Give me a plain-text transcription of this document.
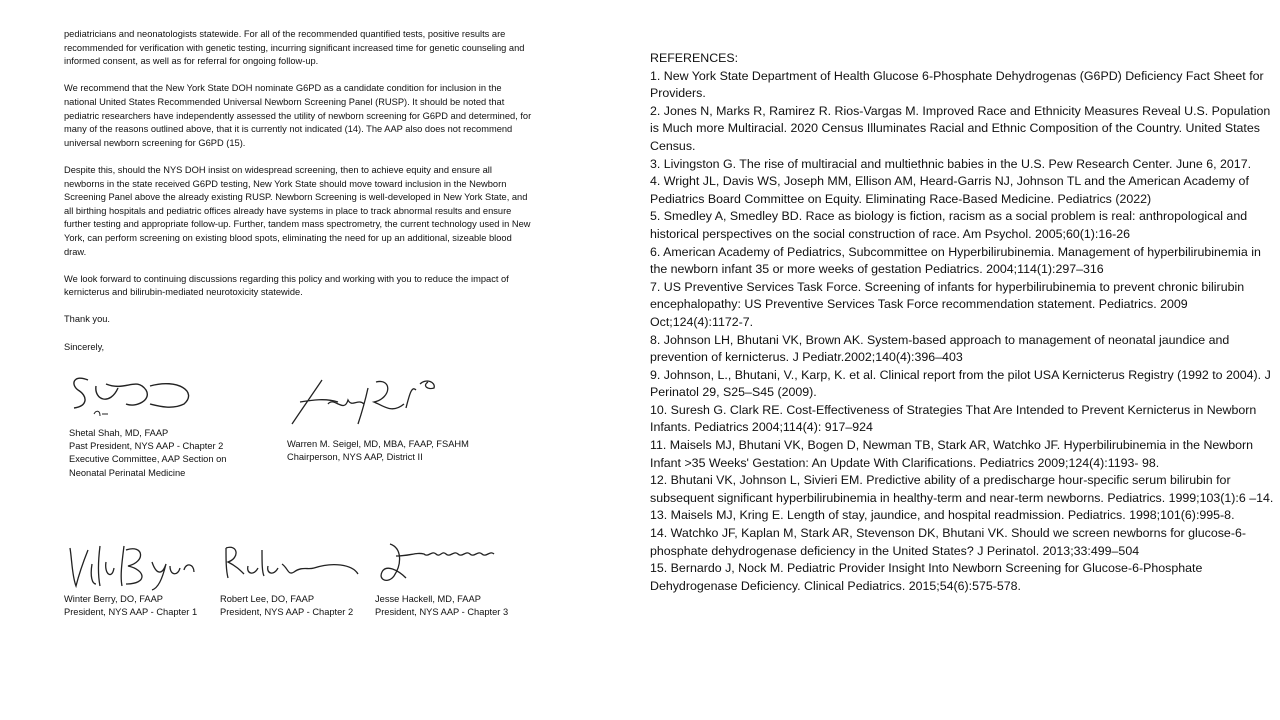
pediatricians and neonatologists statewide. For all of the recommended quantified tests, positive results are recommended for verification with genetic testing, incurring significant increased time for genetic counseling and informed consent, as well as for referral for ongoing follow-up.

We recommend that the New York State DOH nominate G6PD as a candidate condition for inclusion in the national United States Recommended Universal Newborn Screening Panel (RUSP). It should be noted that pediatric researchers have independently assessed the utility of newborn screening for G6PD and determined, for many of the reasons outlined above, that it is currently not indicated (14). The AAP also does not recommend universal newborn screening for G6PD (15).

Despite this, should the NYS DOH insist on widespread screening, then to achieve equity and ensure all newborns in the state received G6PD testing, New York State should move toward inclusion in the Newborn Screening Panel above the already existing RUSP. Newborn Screening is well-developed in New York State, and all birthing hospitals and pediatric offices already have systems in place to track abnormal results and ensure further testing and appropriate follow-up. Further, tandem mass spectrometry, the current technology used in New York, can perform screening on existing blood spots, eliminating the need for up an additional, sizeable blood draw.

We look forward to continuing discussions regarding this policy and working with you to reduce the impact of kernicterus and bilirubin-mediated neurotoxicity statewide.

Thank you.

Sincerely,

Shetal Shah, MD, FAAP
Past President, NYS AAP - Chapter 2
Executive Committee, AAP Section on
Neonatal Perinatal Medicine
Warren M. Seigel, MD, MBA, FAAP, FSAHM
Chairperson, NYS AAP, District II
Winter Berry, DO, FAAP
President, NYS AAP - Chapter 1
Robert Lee, DO, FAAP
President, NYS AAP - Chapter 2
Jesse Hackell, MD, FAAP
President, NYS AAP - Chapter 3
REFERENCES:
1. New York State Department of Health Glucose 6-Phosphate Dehydrogenas (G6PD) Deficiency Fact Sheet for Providers.
2. Jones N, Marks R, Ramirez R. Rios-Vargas M. Improved Race and Ethnicity Measures Reveal U.S. Population is Much more Multiracial. 2020 Census Illuminates Racial and Ethnic Composition of the Country. United States Census.
3. Livingston G. The rise of multiracial and multiethnic babies in the U.S. Pew Research Center. June 6, 2017.
4. Wright JL, Davis WS, Joseph MM, Ellison AM, Heard-Garris NJ, Johnson TL and the American Academy of Pediatrics Board Committee on Equity. Eliminating Race-Based Medicine. Pediatrics (2022)
5. Smedley A, Smedley BD. Race as biology is fiction, racism as a social problem is real: anthropological and historical perspectives on the social construction of race. Am Psychol. 2005;60(1):16-26
6. American Academy of Pediatrics, Subcommittee on Hyperbilirubinemia. Management of hyperbilirubinemia in the newborn infant 35 or more weeks of gestation Pediatrics. 2004;114(1):297–316
7. US Preventive Services Task Force. Screening of infants for hyperbilirubinemia to prevent chronic bilirubin encephalopathy: US Preventive Services Task Force recommendation statement. Pediatrics. 2009 Oct;124(4):1172-7.
8. Johnson LH, Bhutani VK, Brown AK. System-based approach to management of neonatal jaundice and prevention of kernicterus. J Pediatr.2002;140(4):396–403
9. Johnson, L., Bhutani, V., Karp, K. et al. Clinical report from the pilot USA Kernicterus Registry (1992 to 2004). J Perinatol 29, S25–S45 (2009).
10. Suresh G. Clark RE. Cost-Effectiveness of Strategies That Are Intended to Prevent Kernicterus in Newborn Infants. Pediatrics 2004;114(4): 917–924
11. Maisels MJ, Bhutani VK, Bogen D, Newman TB, Stark AR, Watchko JF. Hyperbilirubinemia in the Newborn Infant >35 Weeks' Gestation: An Update With Clarifications. Pediatrics 2009;124(4):1193- 98.
12. Bhutani VK, Johnson L, Sivieri EM. Predictive ability of a predischarge hour-specific serum bilirubin for subsequent significant hyperbilirubinemia in healthy-term and near-term newborns. Pediatrics. 1999;103(1):6 –14.
13. Maisels MJ, Kring E. Length of stay, jaundice, and hospital readmission. Pediatrics. 1998;101(6):995-8.
14. Watchko JF, Kaplan M, Stark AR, Stevenson DK, Bhutani VK. Should we screen newborns for glucose-6-phosphate dehydrogenase deficiency in the United States? J Perinatol. 2013;33:499–504
15. Bernardo J, Nock M. Pediatric Provider Insight Into Newborn Screening for Glucose-6-Phosphate Dehydrogenase Deficiency. Clinical Pediatrics. 2015;54(6):575-578.
